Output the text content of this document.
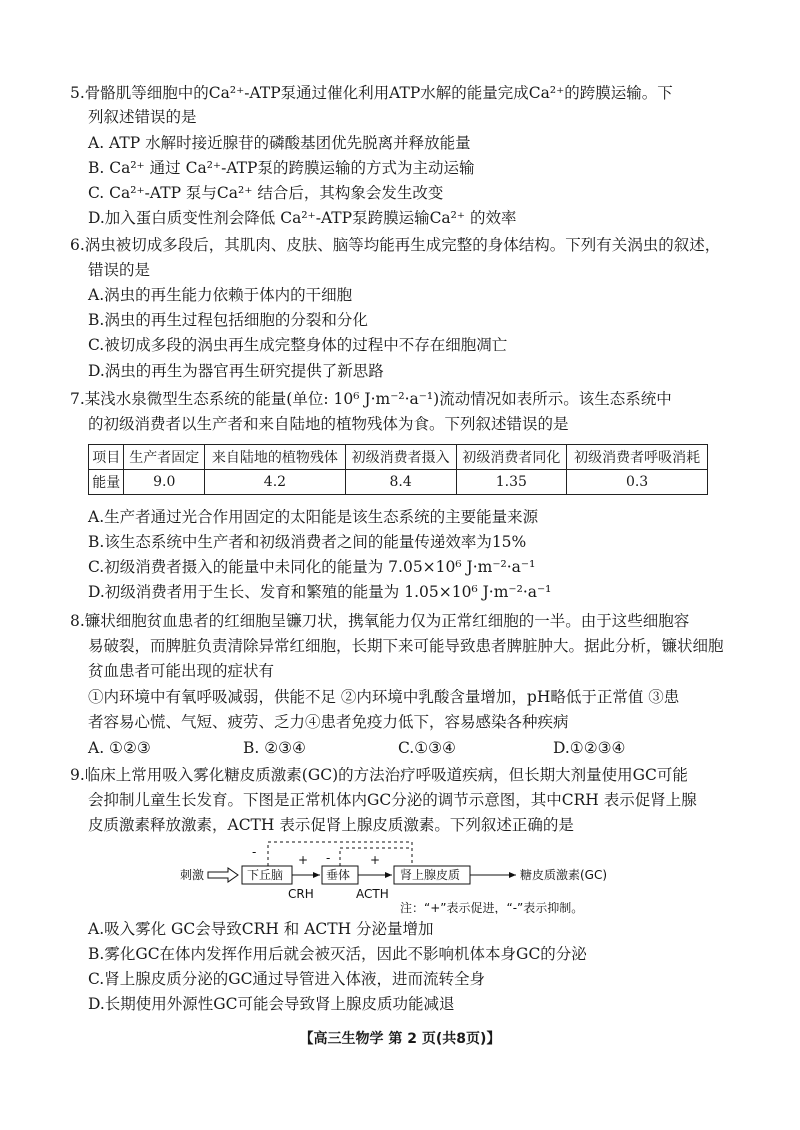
5.骨骼肌等细胞中的Ca²⁺-ATP泵通过催化利用ATP水解的能量完成Ca²⁺的跨膜运输。下
列叙述错误的是
A. ATP 水解时接近腺苷的磷酸基团优先脱离并释放能量
B. Ca²⁺ 通过 Ca²⁺-ATP泵的跨膜运输的方式为主动运输
C. Ca²⁺-ATP 泵与Ca²⁺ 结合后，其构象会发生改变
D.加入蛋白质变性剂会降低 Ca²⁺-ATP泵跨膜运输Ca²⁺ 的效率
6.涡虫被切成多段后，其肌肉、皮肤、脑等均能再生成完整的身体结构。下列有关涡虫的叙述，
错误的是
A.涡虫的再生能力依赖于体内的干细胞
B.涡虫的再生过程包括细胞的分裂和分化
C.被切成多段的涡虫再生成完整身体的过程中不存在细胞凋亡
D.涡虫的再生为器官再生研究提供了新思路
7.某浅水泉微型生态系统的能量(单位: 10⁶ J·m⁻²·a⁻¹)流动情况如表所示。该生态系统中
的初级消费者以生产者和来自陆地的植物残体为食。下列叙述错误的是
项目	生产者固定	来自陆地的植物残体	初级消费者摄入	初级消费者同化	初级消费者呼吸消耗
能量	9.0	4.2	8.4	1.35	0.3
A.生产者通过光合作用固定的太阳能是该生态系统的主要能量来源
B.该生态系统中生产者和初级消费者之间的能量传递效率为15%
C.初级消费者摄入的能量中未同化的能量为 7.05×10⁶ J·m⁻²·a⁻¹
D.初级消费者用于生长、发育和繁殖的能量为 1.05×10⁶ J·m⁻²·a⁻¹
8.镰状细胞贫血患者的红细胞呈镰刀状，携氧能力仅为正常红细胞的一半。由于这些细胞容
易破裂，而脾脏负责清除异常红细胞，长期下来可能导致患者脾脏肿大。据此分析，镰状细胞
贫血患者可能出现的症状有
①内环境中有氧呼吸减弱，供能不足 ②内环境中乳酸含量增加，pH略低于正常值 ③患
者容易心慌、气短、疲劳、乏力④患者免疫力低下，容易感染各种疾病
A. ①②③	B. ②③④	C.①③④	D.①②③④
9.临床上常用吸入雾化糖皮质激素(GC)的方法治疗呼吸道疾病，但长期大剂量使用GC可能
会抑制儿童生长发育。下图是正常机体内GC分泌的调节示意图，其中CRH 表示促肾上腺
皮质激素释放激素，ACTH 表示促肾上腺皮质激素。下列叙述正确的是
-	-
刺激	下丘脑
+
CRH
垂体
+
ACTH
肾上腺皮质	糖皮质激素(GC)
注：“+”表示促进，“-”表示抑制。
A.吸入雾化 GC会导致CRH 和 ACTH 分泌量增加
B.雾化GC在体内发挥作用后就会被灭活，因此不影响机体本身GC的分泌
C.肾上腺皮质分泌的GC通过导管进入体液，进而流转全身
D.长期使用外源性GC可能会导致肾上腺皮质功能减退
【高三生物学 第 2 页(共8页)】
